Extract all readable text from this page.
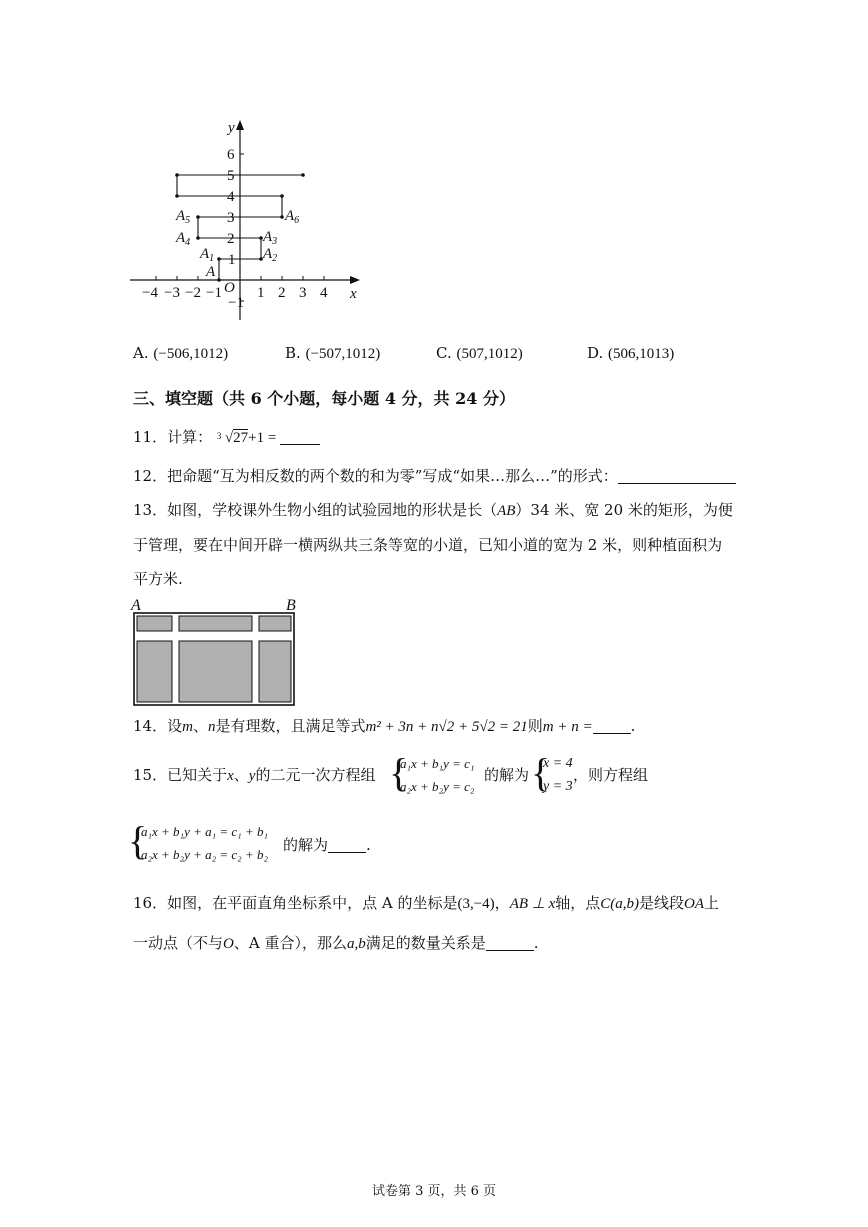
y
x
O
−4 −3 −2 −1 1 2 3 4
6
5
4
3
2
1
−1
A
$A_1$	$A_2$
$A_3$
$A_4$
$A_5$	$A_6$
A. (−506,1012)	B. (−507,1012)	C. (507,1012)	D. (506,1013)
三、填空题（共 6 个小题，每小题 4 分，共 24 分）
11．计算： 3 √27+1 =
12．把命题“互为相反数的两个数的和为零”写成“如果…那么…”的形式：
13．如图，学校课外生物小组的试验园地的形状是长（AB）34 米、宽 20 米的矩形，为便
于管理，要在中间开辟一横两纵共三条等宽的小道，已知小道的宽为 2 米，则种植面积为
平方米.
A	B
14．设m、n是有理数，且满足等式m² + 3n + n√2 + 5√2 = 21则m + n =	.
15．已知关于x、y的二元一次方程组 {
a₁x + b₁y = c₁
a₂x + b₂y = c₂
的解为 {
x = 4
y = 3
，则方程组
{
a₁x + b₁y + a₁ = c₁ + b₁
a₂x + b₂y + a₂ = c₂ + b₂
的解为	.
16．如图，在平面直角坐标系中，点 A 的坐标是(3,−4)，AB ⊥ x轴，点C(a,b)是线段OA上
一动点（不与O、A 重合），那么a,b满足的数量关系是	.
试卷第 3 页，共 6 页
